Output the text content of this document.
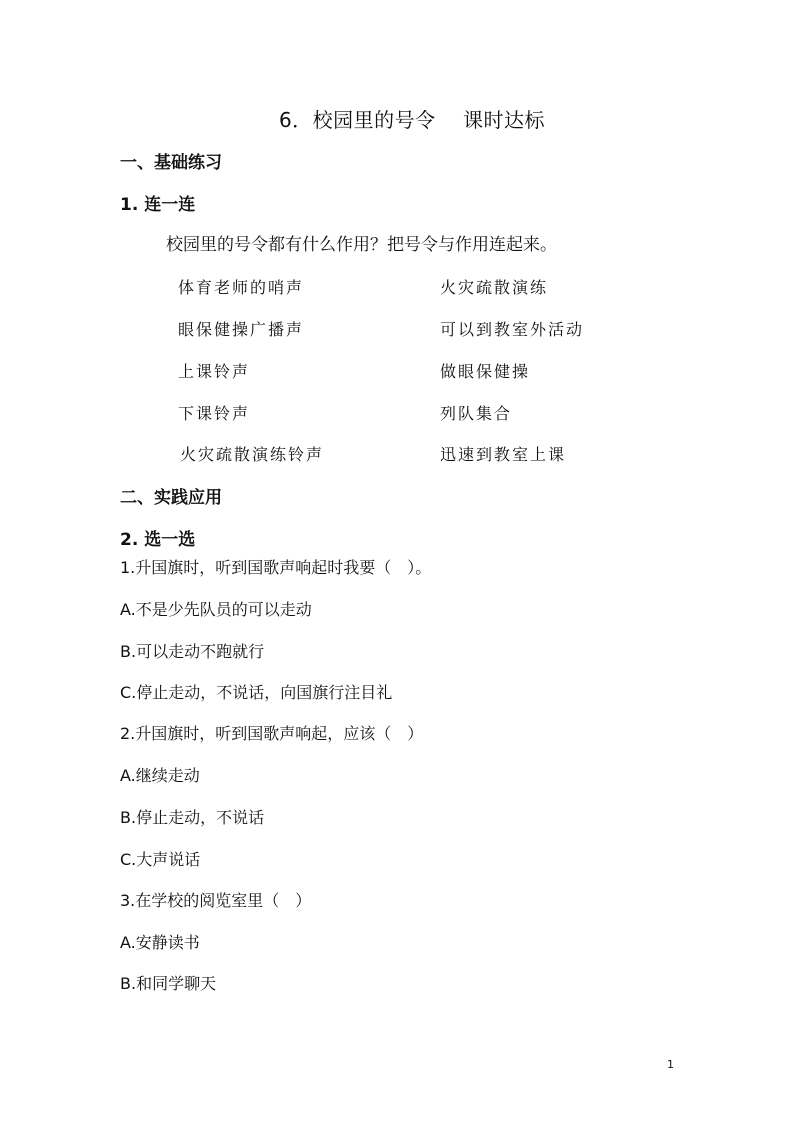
6．校园里的号令　 课时达标
一、基础练习
1. 连一连
校园里的号令都有什么作用？把号令与作用连起来。
体育老师的哨声
眼保健操广播声
上课铃声
下课铃声
火灾疏散演练铃声
火灾疏散演练
可以到教室外活动
做眼保健操
列队集合
迅速到教室上课
二、实践应用
2. 选一选
1.升国旗时，听到国歌声响起时我要（　）。
A.不是少先队员的可以走动
B.可以走动不跑就行
C.停止走动，不说话，向国旗行注目礼
2.升国旗时，听到国歌声响起，应该（　）
A.继续走动
B.停止走动，不说话
C.大声说话
3.在学校的阅览室里（　）
A.安静读书
B.和同学聊天
1
